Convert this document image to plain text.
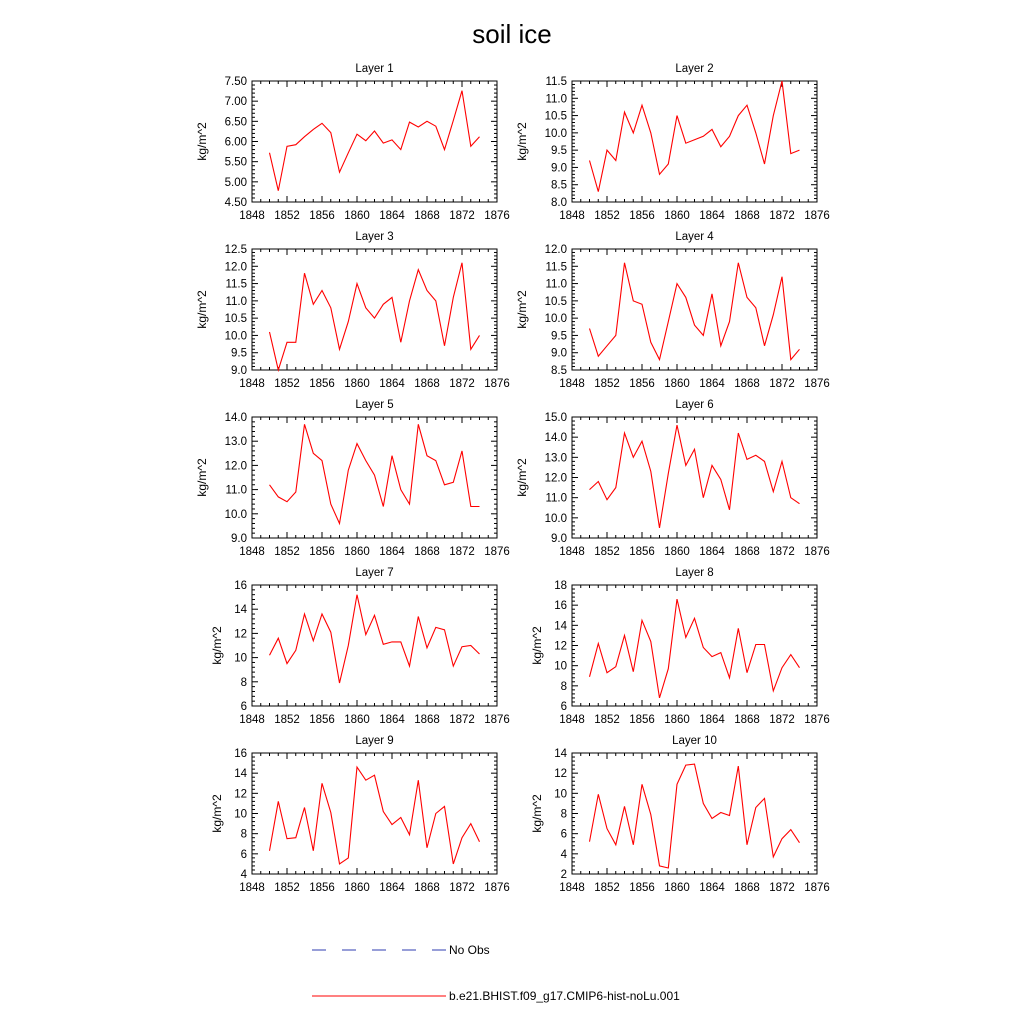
soil ice
Layer 1
1848 1852 1856 1860 1864 1868 1872 1876
4.50
5.00
5.50
6.00
6.50
7.00
7.50
kg/m^2
Layer 2
1848 1852 1856 1860 1864 1868 1872 1876
8.0
8.5
9.0
9.5
10.0
10.5
11.0
11.5
kg/m^2
Layer 3
1848 1852 1856 1860 1864 1868 1872 1876
9.0
9.5
10.0
10.5
11.0
11.5
12.0
12.5
kg/m^2
Layer 4
1848 1852 1856 1860 1864 1868 1872 1876
8.5
9.0
9.5
10.0
10.5
11.0
11.5
12.0
kg/m^2
Layer 5
1848 1852 1856 1860 1864 1868 1872 1876
9.0
10.0
11.0
12.0
13.0
14.0
kg/m^2
Layer 6
1848 1852 1856 1860 1864 1868 1872 1876
9.0
10.0
11.0
12.0
13.0
14.0
15.0
kg/m^2
Layer 7
1848 1852 1856 1860 1864 1868 1872 1876
6
8
10
12
14
16
kg/m^2
Layer 8
1848 1852 1856 1860 1864 1868 1872 1876
6
8
10
12
14
16
18
kg/m^2
Layer 9
1848 1852 1856 1860 1864 1868 1872 1876
4
6
8
10
12
14
16
kg/m^2
Layer 10
1848 1852 1856 1860 1864 1868 1872 1876
2
4
6
8
10
12
14
kg/m^2
No Obs
b.e21.BHIST.f09_g17.CMIP6-hist-noLu.001
